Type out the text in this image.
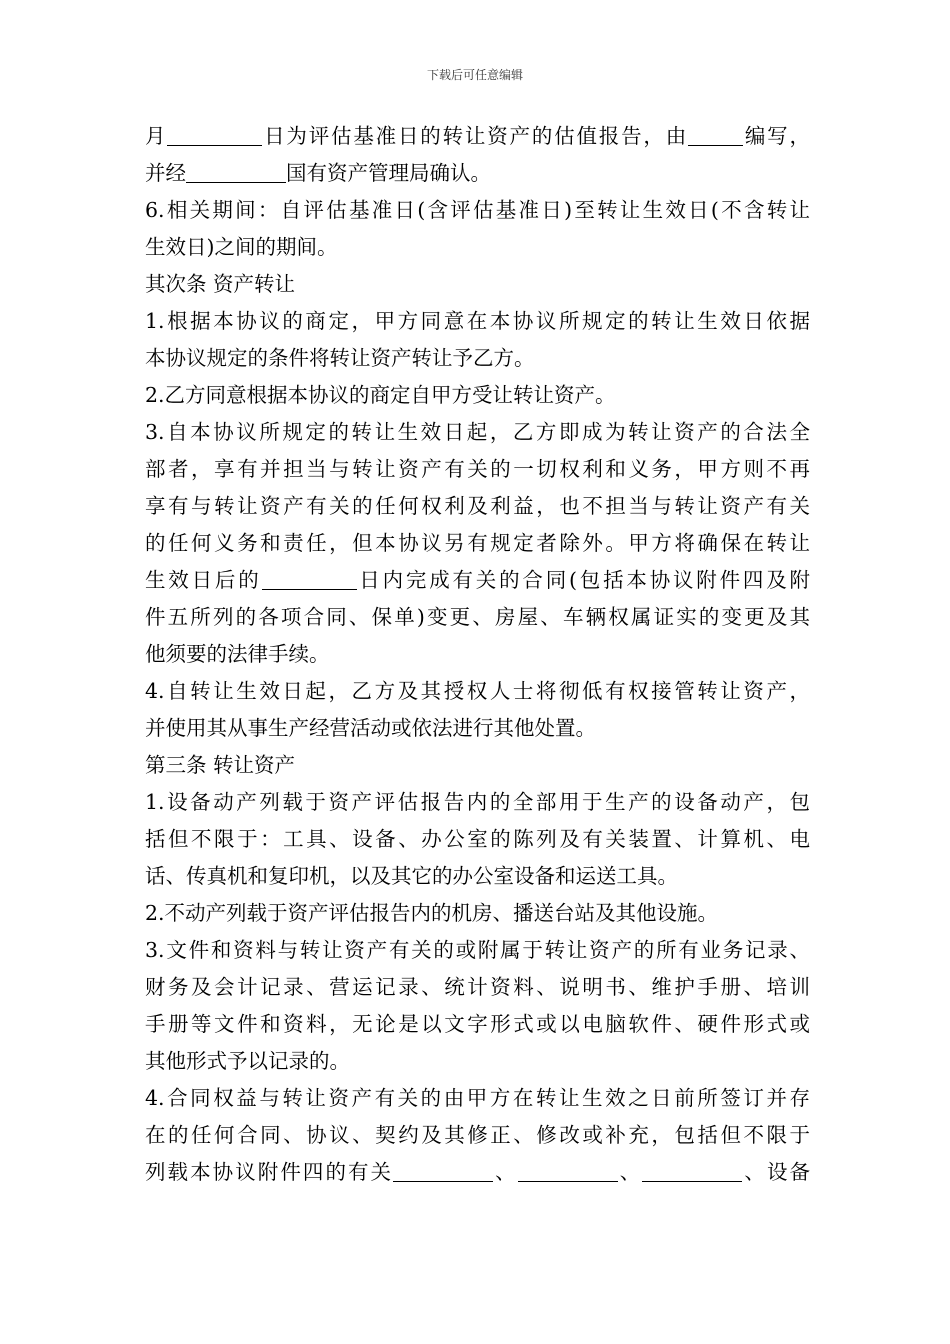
下载后可任意编辑
月	日为评估基准日的转让资产的估值报告，由	编写，
并经	国有资产管理局确认。
6.相关期间：自评估基准日(含评估基准日)至转让生效日(不含转让
生效日)之间的期间。
其次条 资产转让
1.根据本协议的商定，甲方同意在本协议所规定的转让生效日依据
本协议规定的条件将转让资产转让予乙方。
2.乙方同意根据本协议的商定自甲方受让转让资产。
3.自本协议所规定的转让生效日起，乙方即成为转让资产的合法全
部者，享有并担当与转让资产有关的一切权利和义务，甲方则不再
享有与转让资产有关的任何权利及利益，也不担当与转让资产有关
的任何义务和责任，但本协议另有规定者除外。甲方将确保在转让
生效日后的	日内完成有关的合同(包括本协议附件四及附
件五所列的各项合同、保单)变更、房屋、车辆权属证实的变更及其
他须要的法律手续。
4.自转让生效日起，乙方及其授权人士将彻低有权接管转让资产，
并使用其从事生产经营活动或依法进行其他处置。
第三条 转让资产
1.设备动产列载于资产评估报告内的全部用于生产的设备动产，包
括但不限于：工具、设备、办公室的陈列及有关装置、计算机、电
话、传真机和复印机，以及其它的办公室设备和运送工具。
2.不动产列载于资产评估报告内的机房、播送台站及其他设施。
3.文件和资料与转让资产有关的或附属于转让资产的所有业务记录、
财务及会计记录、营运记录、统计资料、说明书、维护手册、培训
手册等文件和资料，无论是以文字形式或以电脑软件、硬件形式或
其他形式予以记录的。
4.合同权益与转让资产有关的由甲方在转让生效之日前所签订并存
在的任何合同、协议、契约及其修正、修改或补充，包括但不限于
列载本协议附件四的有关	、	、	、设备
